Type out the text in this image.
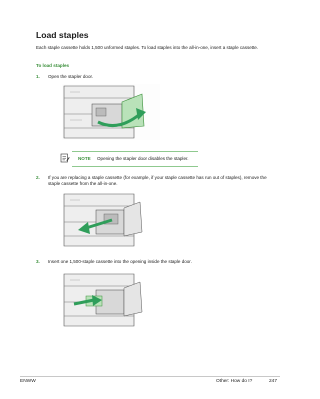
Load staples
Each staple cassette holds 1,500 unformed staples. To load staples into the all-in-one, insert a staple cassette.
To load staples
1. Open the stapler door.
NOTE Opening the stapler door disables the stapler.
2. If you are replacing a staple cassette (for example, if your staple cassette has run out of staples), remove the staple cassette from the all-in-one.
3. Insert one 1,500-staple cassette into the opening inside the staple door.
ENWW	Other: How do I?	247
